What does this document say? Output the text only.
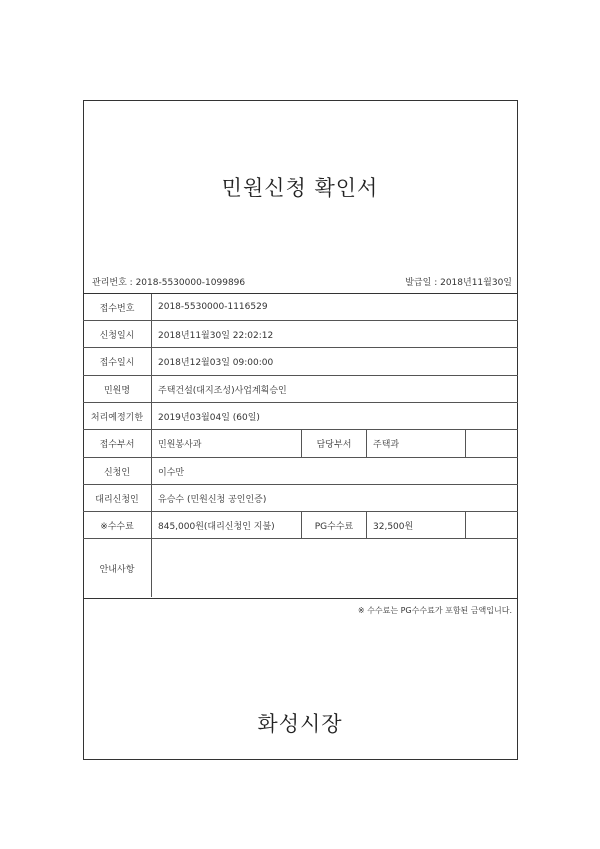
민원신청 확인서
관리번호 : 2018-5530000-1099896	발급일 : 2018년11월30일
접수번호	2018-5530000-1116529
신청일시	2018년11월30일 22:02:12
접수일시	2018년12월03일 09:00:00
민원명	주택건설(대지조성)사업계획승인
처리예정기한	2019년03월04일 (60일)
접수부서	민원봉사과	담당부서	주택과
신청인	이수만
대리신청인	유승수 (민원신청 공인인증)
※수수료	845,000원(대리신청인 지불)	PG수수료	32,500원
안내사항
※ 수수료는 PG수수료가 포함된 금액입니다.
화성시장
